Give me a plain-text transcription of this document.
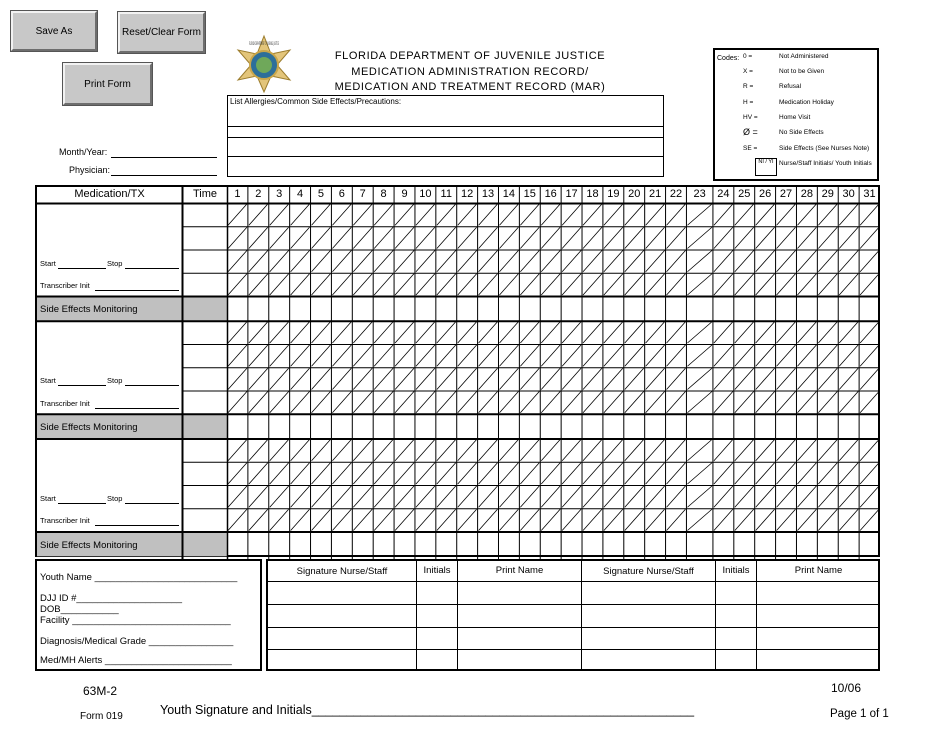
Save As	Reset/Clear Form
Print Form
FLORIDA DEPARTMENT OF JUVENILE JUSTICE
FLORIDA DEPARTMENT OF JUVENILE JUSTICE
MEDICATION ADMINISTRATION RECORD/
MEDICATION AND TREATMENT RECORD (MAR)
List Allergies/Common Side Effects/Precautions:
Month/Year:
Physician:
Codes: 0 =	Not Administered
X =	Not to be Given
R =	Refusal
H =	Medication Holiday
HV =	Home Visit
Ø =	No Side Effects
SE =	Side Effects (See Nurses Note)
NI / YI Nurse/Staff Initials/ Youth Initials
Medication/TX	Time	1	2	3	4	5	6	7	8	9	10 11 12 13 14 15 16 17 18 19 20 21 22	23	24 25 26 27 28 29 30 31
Start	Stop
Transcriber Init
Side Effects Monitoring
Start	Stop
Transcriber Init
Side Effects Monitoring
Start	Stop
Transcriber Init
Side Effects Monitoring
Youth Name ___________________________
DJJ ID #____________________ DOB___________
Facility ______________________________
Diagnosis/Medical Grade ________________
Med/MH Alerts ________________________
Signature Nurse/Staff	Initials	Print Name	Signature Nurse/Staff	Initials	Print Name
63M-2
Form 019	Youth Signature and Initials_______________________________________________________
10/06
Page 1 of 1
